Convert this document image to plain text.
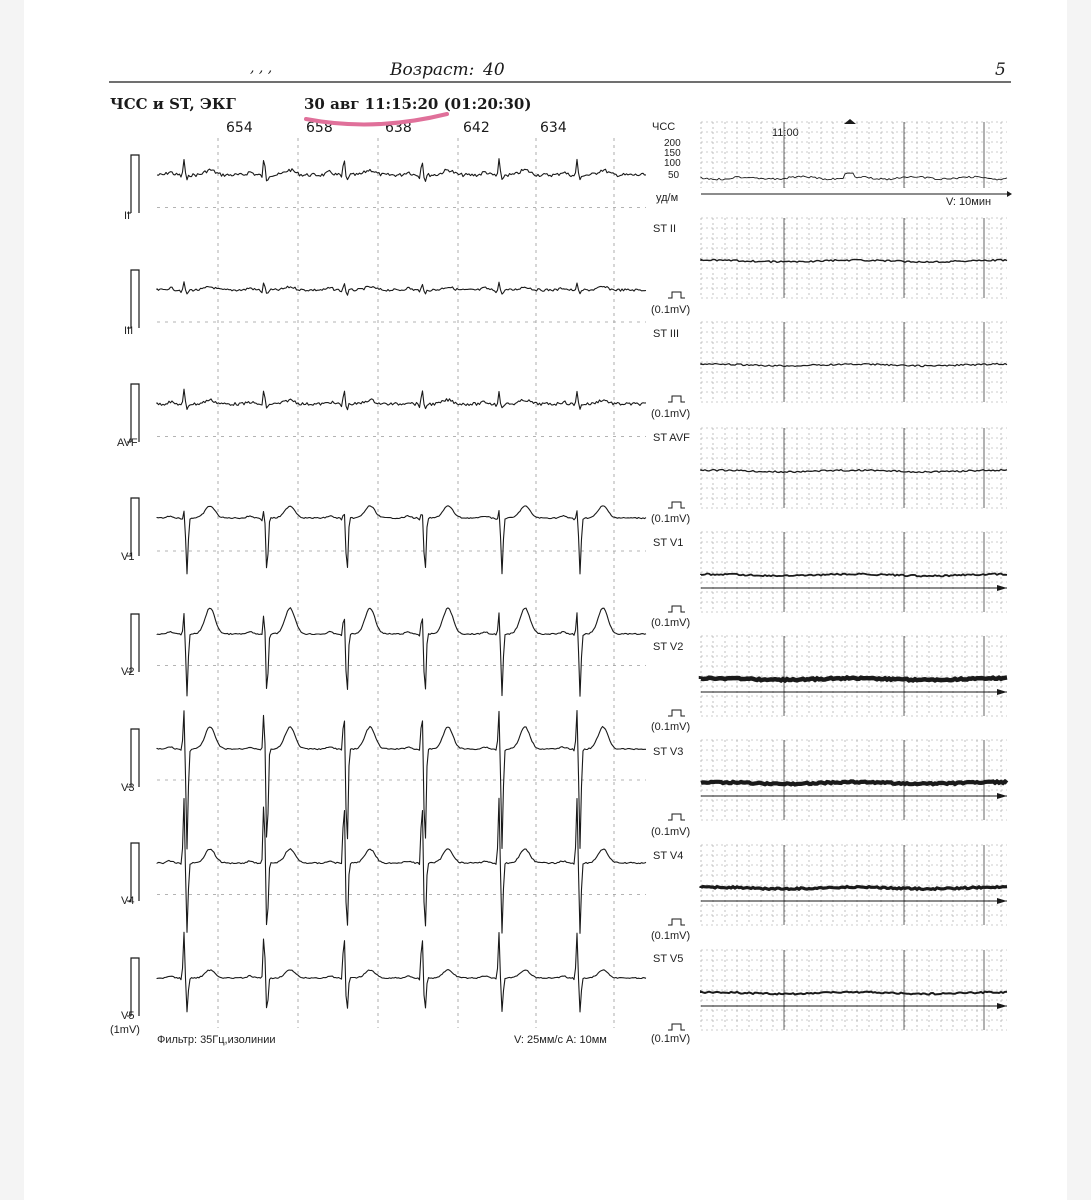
, , ,	Возраст: 40	5
ЧСС и ST, ЭКГ	30 авг 11:15:20 (01:20:30)
654	658	638	642	634
II
III
AVF
V1
V2
V3
V4
V5
(1mV)
Фильтр: 35Гц,изолинии	V: 25мм/с A: 10мм
ЧСС	11:00
200
150
100
50
уд/м	V: 10мин
ST II
ST III
ST AVF
ST V1
ST V2
ST V3
ST V4
ST V5
(0.1mV)
(0.1mV)
(0.1mV)
(0.1mV)
(0.1mV)
(0.1mV)
(0.1mV)
(0.1mV)
